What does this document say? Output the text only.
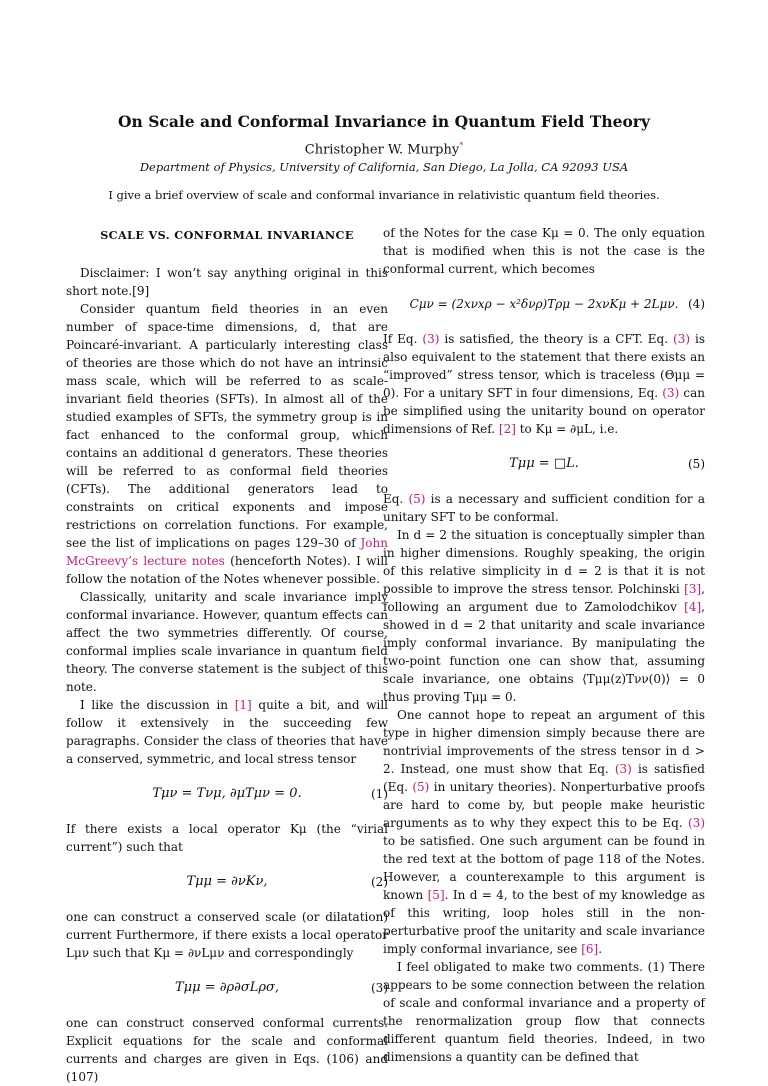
On Scale and Conformal Invariance in Quantum Field Theory
Christopher W. Murphy*
Department of Physics, University of California, San Diego, La Jolla, CA 92093 USA
I give a brief overview of scale and conformal invariance in relativistic quantum field theories.
SCALE VS. CONFORMAL INVARIANCE

Disclaimer: I won’t say anything original in this short note.[9]

Consider quantum field theories in an even number of space-time dimensions, d, that are Poincaré-invariant. A particularly interesting class of theories are those which do not have an intrinsic mass scale, which will be referred to as scale-invariant field theories (SFTs). In almost all of the studied examples of SFTs, the symmetry group is in fact enhanced to the conformal group, which contains an additional d generators. These theories will be referred to as conformal field theories (CFTs). The additional generators lead to constraints on critical exponents and impose restrictions on correlation functions. For example, see the list of implications on pages 129–30 of John McGreevy’s lecture notes (henceforth Notes). I will follow the notation of the Notes whenever possible.

Classically, unitarity and scale invariance imply conformal invariance. However, quantum effects can affect the two symmetries differently. Of course, conformal implies scale invariance in quantum field theory. The converse statement is the subject of this note.

I like the discussion in [1] quite a bit, and will follow it extensively in the succeeding few paragraphs. Consider the class of theories that have a conserved, symmetric, and local stress tensor

Tμν = Tνμ, ∂μTμν = 0.	(1)

If there exists a local operator Kμ (the “virial current”) such that

Tμμ = ∂νKν,	(2)

one can construct a conserved scale (or dilatation) current Furthermore, if there exists a local operator Lμν such that Kμ = ∂νLμν and correspondingly

Tμμ = ∂ρ∂σLρσ,	(3)

one can construct conserved conformal currents. Explicit equations for the scale and conformal currents and charges are given in Eqs. (106) and (107)

of the Notes for the case Kμ = 0. The only equation that is modified when this is not the case is the conformal current, which becomes

Cμν = (2xνxρ − x²δνρ)Tρμ − 2xνKμ + 2Lμν. (4)

If Eq. (3) is satisfied, the theory is a CFT. Eq. (3) is also equivalent to the statement that there exists an “improved” stress tensor, which is traceless (Θμμ = 0). For a unitary SFT in four dimensions, Eq. (3) can be simplified using the unitarity bound on operator dimensions of Ref. [2] to Kμ = ∂μL, i.e.

Tμμ = □L.	(5)

Eq. (5) is a necessary and sufficient condition for a unitary SFT to be conformal.

In d = 2 the situation is conceptually simpler than in higher dimensions. Roughly speaking, the origin of this relative simplicity in d = 2 is that it is not possible to improve the stress tensor. Polchinski [3], following an argument due to Zamolodchikov [4], showed in d = 2 that unitarity and scale invariance imply conformal invariance. By manipulating the two-point function one can show that, assuming scale invariance, one obtains ⟨Tμμ(z)Tνν(0)⟩ = 0 thus proving Tμμ = 0.

One cannot hope to repeat an argument of this type in higher dimension simply because there are nontrivial improvements of the stress tensor in d > 2. Instead, one must show that Eq. (3) is satisfied (Eq. (5) in unitary theories). Nonperturbative proofs are hard to come by, but people make heuristic arguments as to why they expect this to be Eq. (3) to be satisfied. One such argument can be found in the red text at the bottom of page 118 of the Notes. However, a counterexample to this argument is known [5]. In d = 4, to the best of my knowledge as of this writing, loop holes still in the non-perturbative proof the unitarity and scale invariance imply conformal invariance, see [6].

I feel obligated to make two comments. (1) There appears to be some connection between the relation of scale and conformal invariance and a property of the renormalization group flow that connects different quantum field theories. Indeed, in two dimensions a quantity can be defined that
